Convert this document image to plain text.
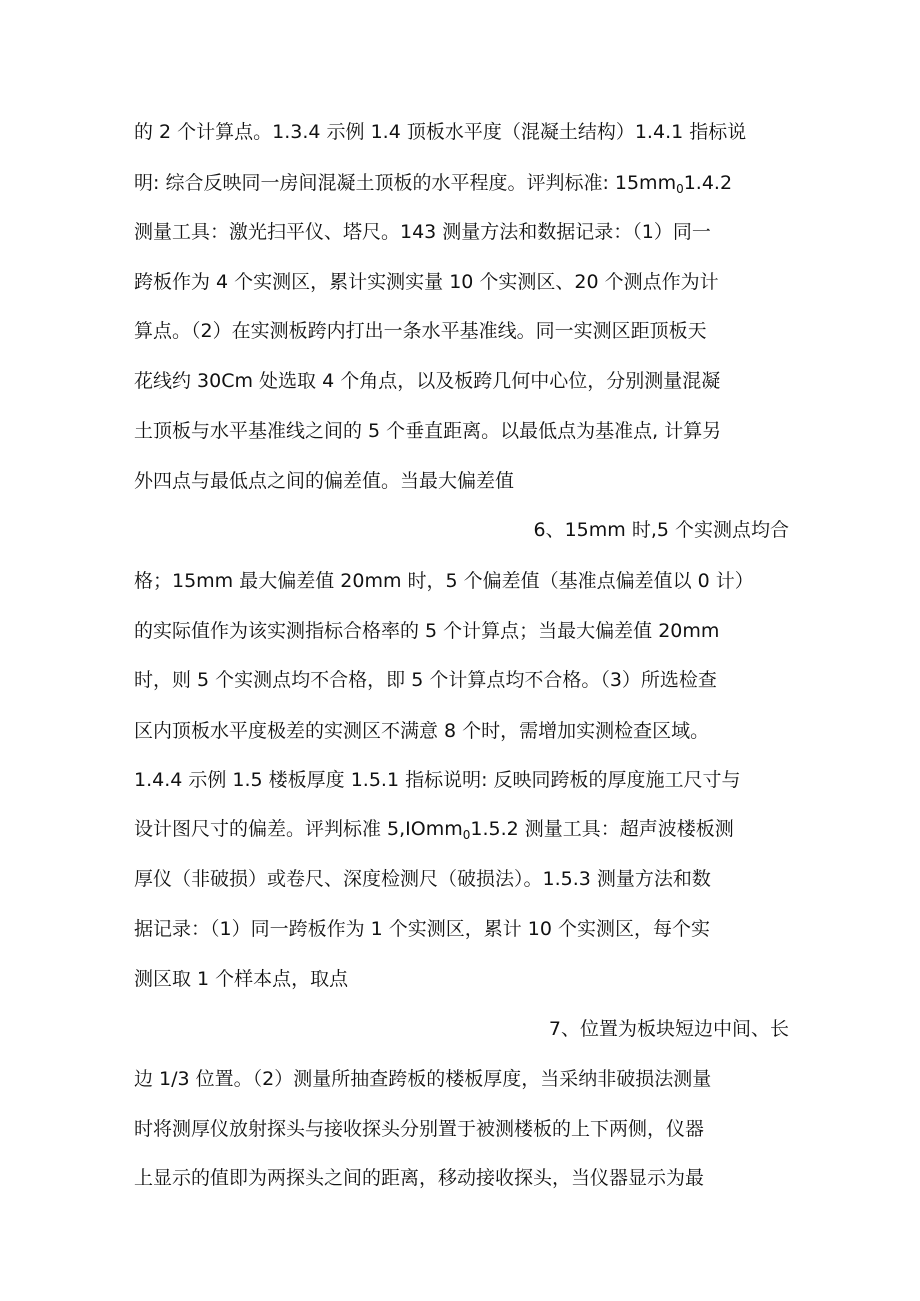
的 2 个计算点。1.3.4 示例 1.4 顶板水平度（混凝土结构）1.4.1 指标说
明: 综合反映同一房间混凝土顶板的水平程度。评判标准: $15mm_01.4.2$
测量工具：激光扫平仪、塔尺。143 测量方法和数据记录：（1）同一
跨板作为 4 个实测区，累计实测实量 10 个实测区、20 个测点作为计
算点。（2）在实测板跨内打出一条水平基准线。同一实测区距顶板天
花线约 30Cm 处选取 4 个角点，以及板跨几何中心位，分别测量混凝
土顶板与水平基准线之间的 5 个垂直距离。以最低点为基准点, 计算另
外四点与最低点之间的偏差值。当最大偏差值
6、15mm 时,5 个实测点均合
格；15mm 最大偏差值 20mm 时，5 个偏差值（基准点偏差值以 0 计）
的实际值作为该实测指标合格率的 5 个计算点；当最大偏差值 20mm
时，则 5 个实测点均不合格，即 5 个计算点均不合格。（3）所选检查
区内顶板水平度极差的实测区不满意 8 个时，需增加实测检查区域。
1.4.4 示例 1.5 楼板厚度 1.5.1 指标说明: 反映同跨板的厚度施工尺寸与
设计图尺寸的偏差。评判标准 5,IOmm$_0$1.5.2 测量工具：超声波楼板测
厚仪（非破损）或卷尺、深度检测尺（破损法）。1.5.3 测量方法和数
据记录：（1）同一跨板作为 1 个实测区，累计 10 个实测区，每个实
测区取 1 个样本点，取点
7、位置为板块短边中间、长
边 1/3 位置。（2）测量所抽查跨板的楼板厚度，当采纳非破损法测量
时将测厚仪放射探头与接收探头分别置于被测楼板的上下两侧，仪器
上显示的值即为两探头之间的距离，移动接收探头，当仪器显示为最
